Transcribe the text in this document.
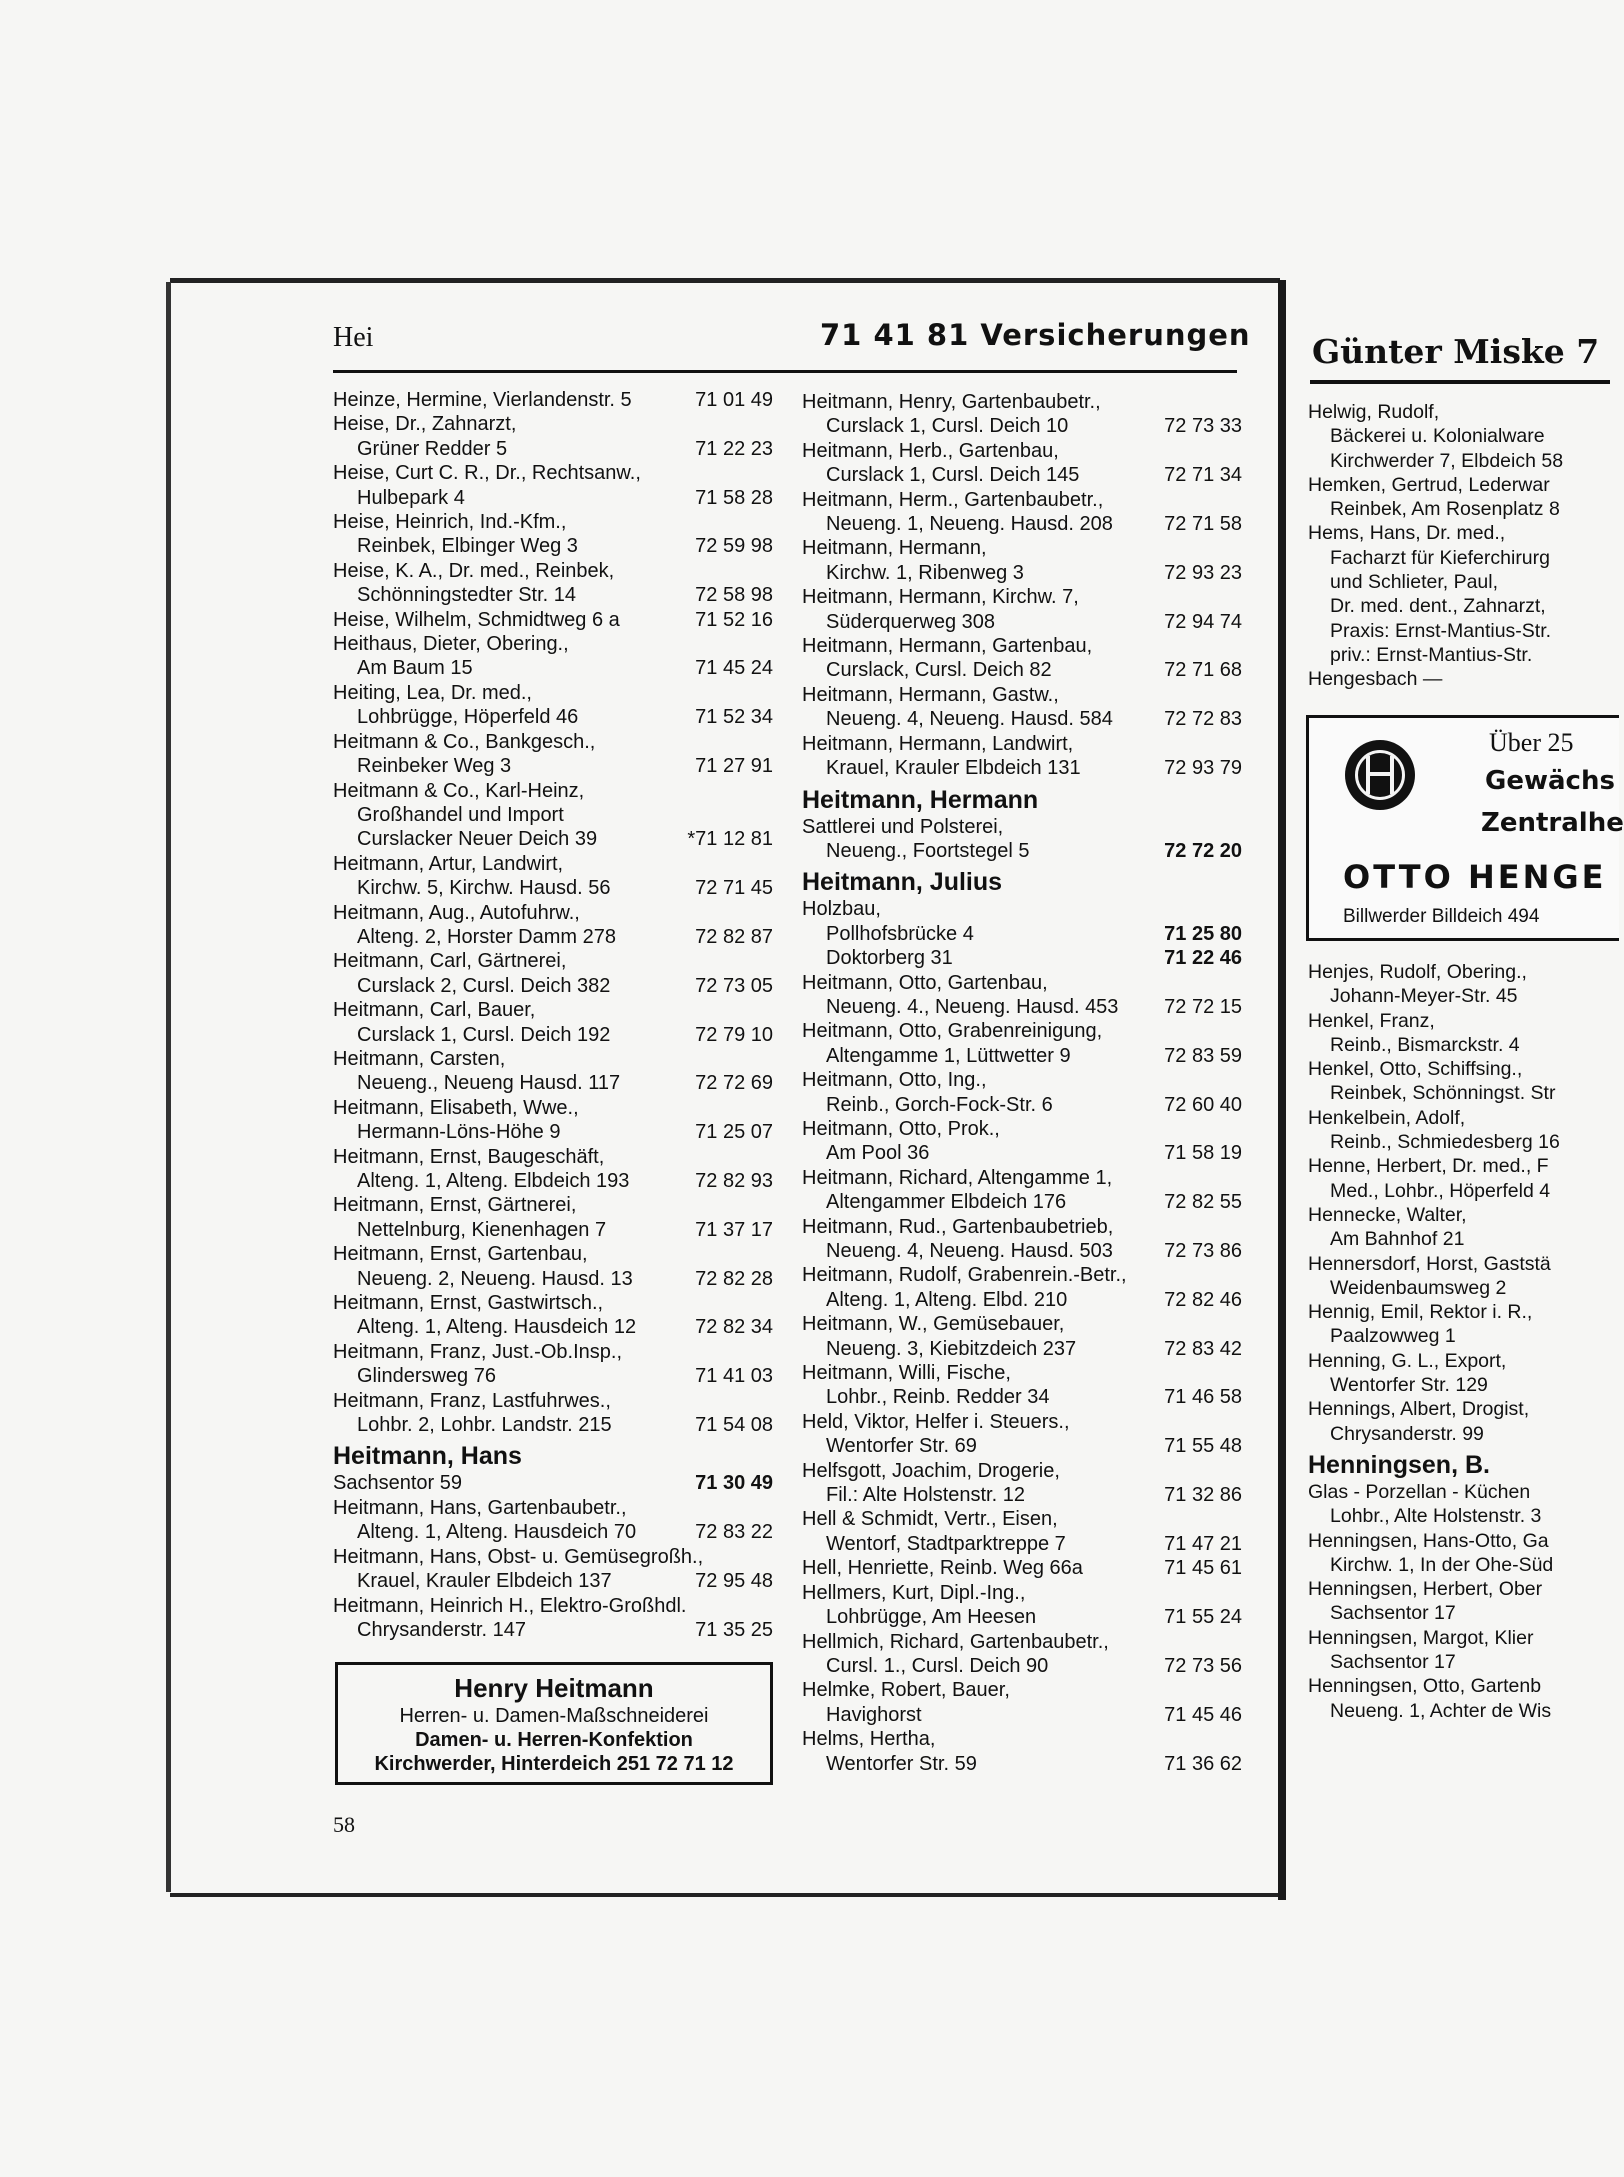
Hei	71 41 81 Versicherungen Günter Miske 7
Heinze, Hermine, Vierlandenstr. 5	71 01 49
Heise, Dr., Zahnarzt,
Grüner Redder 5	71 22 23
Heise, Curt C. R., Dr., Rechtsanw.,
Hulbepark 4	71 58 28
Heise, Heinrich, Ind.-Kfm.,
Reinbek, Elbinger Weg 3	72 59 98
Heise, K. A., Dr. med., Reinbek,
Schönningstedter Str. 14	72 58 98
Heise, Wilhelm, Schmidtweg 6 a	71 52 16
Heithaus, Dieter, Obering.,
Am Baum 15	71 45 24
Heiting, Lea, Dr. med.,
Lohbrügge, Höperfeld 46	71 52 34
Heitmann & Co., Bankgesch.,
Reinbeker Weg 3	71 27 91
Heitmann & Co., Karl-Heinz,
Großhandel und Import
Curslacker Neuer Deich 39	*71 12 81
Heitmann, Artur, Landwirt,
Kirchw. 5, Kirchw. Hausd. 56	72 71 45
Heitmann, Aug., Autofuhrw.,
Alteng. 2, Horster Damm 278	72 82 87
Heitmann, Carl, Gärtnerei,
Curslack 2, Cursl. Deich 382	72 73 05
Heitmann, Carl, Bauer,
Curslack 1, Cursl. Deich 192	72 79 10
Heitmann, Carsten,
Neueng., Neueng Hausd. 117	72 72 69
Heitmann, Elisabeth, Wwe.,
Hermann-Löns-Höhe 9	71 25 07
Heitmann, Ernst, Baugeschäft,
Alteng. 1, Alteng. Elbdeich 193	72 82 93
Heitmann, Ernst, Gärtnerei,
Nettelnburg, Kienenhagen 7	71 37 17
Heitmann, Ernst, Gartenbau,
Neueng. 2, Neueng. Hausd. 13	72 82 28
Heitmann, Ernst, Gastwirtsch.,
Alteng. 1, Alteng. Hausdeich 12	72 82 34
Heitmann, Franz, Just.-Ob.Insp.,
Glindersweg 76	71 41 03
Heitmann, Franz, Lastfuhrwes.,
Lohbr. 2, Lohbr. Landstr. 215	71 54 08
Heitmann, Hans
Sachsentor 59	71 30 49
Heitmann, Hans, Gartenbaubetr.,
Alteng. 1, Alteng. Hausdeich 70	72 83 22
Heitmann, Hans, Obst- u. Gemüsegroßh.,
Krauel, Krauler Elbdeich 137	72 95 48
Heitmann, Heinrich H., Elektro-Großhdl.
Chrysanderstr. 147	71 35 25
Henry Heitmann
Herren- u. Damen-Maßschneiderei
Damen- u. Herren-Konfektion
Kirchwerder, Hinterdeich 251 72 71 12
Heitmann, Henry, Gartenbaubetr.,
Curslack 1, Cursl. Deich 10	72 73 33
Heitmann, Herb., Gartenbau,
Curslack 1, Cursl. Deich 145	72 71 34
Heitmann, Herm., Gartenbaubetr.,
Neueng. 1, Neueng. Hausd. 208	72 71 58
Heitmann, Hermann,
Kirchw. 1, Ribenweg 3	72 93 23
Heitmann, Hermann, Kirchw. 7,
Süderquerweg 308	72 94 74
Heitmann, Hermann, Gartenbau,
Curslack, Cursl. Deich 82	72 71 68
Heitmann, Hermann, Gastw.,
Neueng. 4, Neueng. Hausd. 584	72 72 83
Heitmann, Hermann, Landwirt,
Krauel, Krauler Elbdeich 131	72 93 79
Heitmann, Hermann
Sattlerei und Polsterei,
Neueng., Foortstegel 5	72 72 20
Heitmann, Julius
Holzbau,
Pollhofsbrücke 4	71 25 80
Doktorberg 31	71 22 46
Heitmann, Otto, Gartenbau,
Neueng. 4., Neueng. Hausd. 453 72 72 15
Heitmann, Otto, Grabenreinigung,
Altengamme 1, Lüttwetter 9	72 83 59
Heitmann, Otto, Ing.,
Reinb., Gorch-Fock-Str. 6	72 60 40
Heitmann, Otto, Prok.,
Am Pool 36	71 58 19
Heitmann, Richard, Altengamme 1,
Altengammer Elbdeich 176	72 82 55
Heitmann, Rud., Gartenbaubetrieb,
Neueng. 4, Neueng. Hausd. 503	72 73 86
Heitmann, Rudolf, Grabenrein.-Betr.,
Alteng. 1, Alteng. Elbd. 210	72 82 46
Heitmann, W., Gemüsebauer,
Neueng. 3, Kiebitzdeich 237	72 83 42
Heitmann, Willi, Fische,
Lohbr., Reinb. Redder 34	71 46 58
Held, Viktor, Helfer i. Steuers.,
Wentorfer Str. 69	71 55 48
Helfsgott, Joachim, Drogerie,
Fil.: Alte Holstenstr. 12	71 32 86
Hell & Schmidt, Vertr., Eisen,
Wentorf, Stadtparktreppe 7	71 47 21
Hell, Henriette, Reinb. Weg 66a	71 45 61
Hellmers, Kurt, Dipl.-Ing.,
Lohbrügge, Am Heesen	71 55 24
Hellmich, Richard, Gartenbaubetr.,
Cursl. 1., Cursl. Deich 90	72 73 56
Helmke, Robert, Bauer,
Havighorst	71 45 46
Helms, Hertha,
Wentorfer Str. 59	71 36 62
Helwig, Rudolf,
Bäckerei u. Kolonialware
Kirchwerder 7, Elbdeich 58
Hemken, Gertrud, Lederwar
Reinbek, Am Rosenplatz 8
Hems, Hans, Dr. med.,
Facharzt für Kieferchirurg
und Schlieter, Paul,
Dr. med. dent., Zahnarzt,
Praxis: Ernst-Mantius-Str.
priv.: Ernst-Mantius-Str.
Hengesbach —
Über 25
Gewächs
Zentralhe
OTTO HENGE
Billwerder Billdeich 494
Henjes, Rudolf, Obering.,
Johann-Meyer-Str. 45
Henkel, Franz,
Reinb., Bismarckstr. 4
Henkel, Otto, Schiffsing.,
Reinbek, Schönningst. Str
Henkelbein, Adolf,
Reinb., Schmiedesberg 16
Henne, Herbert, Dr. med., F
Med., Lohbr., Höperfeld 4
Hennecke, Walter,
Am Bahnhof 21
Hennersdorf, Horst, Gaststä
Weidenbaumsweg 2
Hennig, Emil, Rektor i. R.,
Paalzowweg 1
Henning, G. L., Export,
Wentorfer Str. 129
Hennings, Albert, Drogist,
Chrysanderstr. 99
Henningsen, B.
Glas - Porzellan - Küchen
Lohbr., Alte Holstenstr. 3
Henningsen, Hans-Otto, Ga
Kirchw. 1, In der Ohe-Süd
Henningsen, Herbert, Ober
Sachsentor 17
Henningsen, Margot, Klier
Sachsentor 17
Henningsen, Otto, Gartenb
Neueng. 1, Achter de Wis
58
